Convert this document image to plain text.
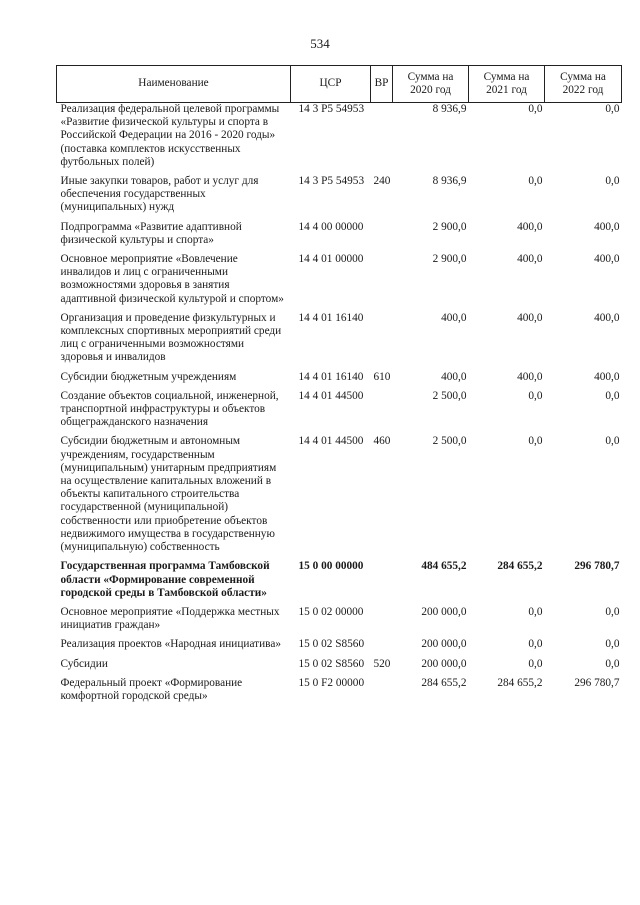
534
Наименование	ЦСР	ВР	Сумма на 2020 год	Сумма на 2021 год	Сумма на 2022 год
Реализация федеральной целевой программы «Развитие физической культуры и спорта в Российской Федерации на 2016 - 2020 годы» (поставка комплектов искусственных футбольных полей)	14 3 P5 54953		8 936,9	0,0	0,0
Иные закупки товаров, работ и услуг для обеспечения государственных (муниципальных) нужд	14 3 P5 54953	240	8 936,9	0,0	0,0
Подпрограмма «Развитие адаптивной физической культуры и спорта»	14 4 00 00000		2 900,0	400,0	400,0
Основное мероприятие «Вовлечение инвалидов и лиц с ограниченными возможностями здоровья в занятия адаптивной физической культурой и спортом»	14 4 01 00000		2 900,0	400,0	400,0
Организация и проведение физкультурных и комплексных спортивных мероприятий среди лиц с ограниченными возможностями здоровья и инвалидов	14 4 01 16140		400,0	400,0	400,0
Субсидии бюджетным учреждениям	14 4 01 16140	610	400,0	400,0	400,0
Создание объектов социальной, инженерной, транспортной инфраструктуры и объектов общегражданского назначения	14 4 01 44500		2 500,0	0,0	0,0
Субсидии бюджетным и автономным учреждениям, государственным (муниципальным) унитарным предприятиям на осуществление капитальных вложений в объекты капитального строительства государственной (муниципальной) собственности или приобретение объектов недвижимого имущества в государственную (муниципальную) собственность	14 4 01 44500	460	2 500,0	0,0	0,0
Государственная программа Тамбовской области «Формирование современной городской среды в Тамбовской области»	15 0 00 00000		484 655,2	284 655,2	296 780,7
Основное мероприятие «Поддержка местных инициатив граждан»	15 0 02 00000		200 000,0	0,0	0,0
Реализация проектов «Народная инициатива»	15 0 02 S8560		200 000,0	0,0	0,0
Субсидии	15 0 02 S8560	520	200 000,0	0,0	0,0
Федеральный проект «Формирование комфортной городской среды»	15 0 F2 00000		284 655,2	284 655,2	296 780,7
